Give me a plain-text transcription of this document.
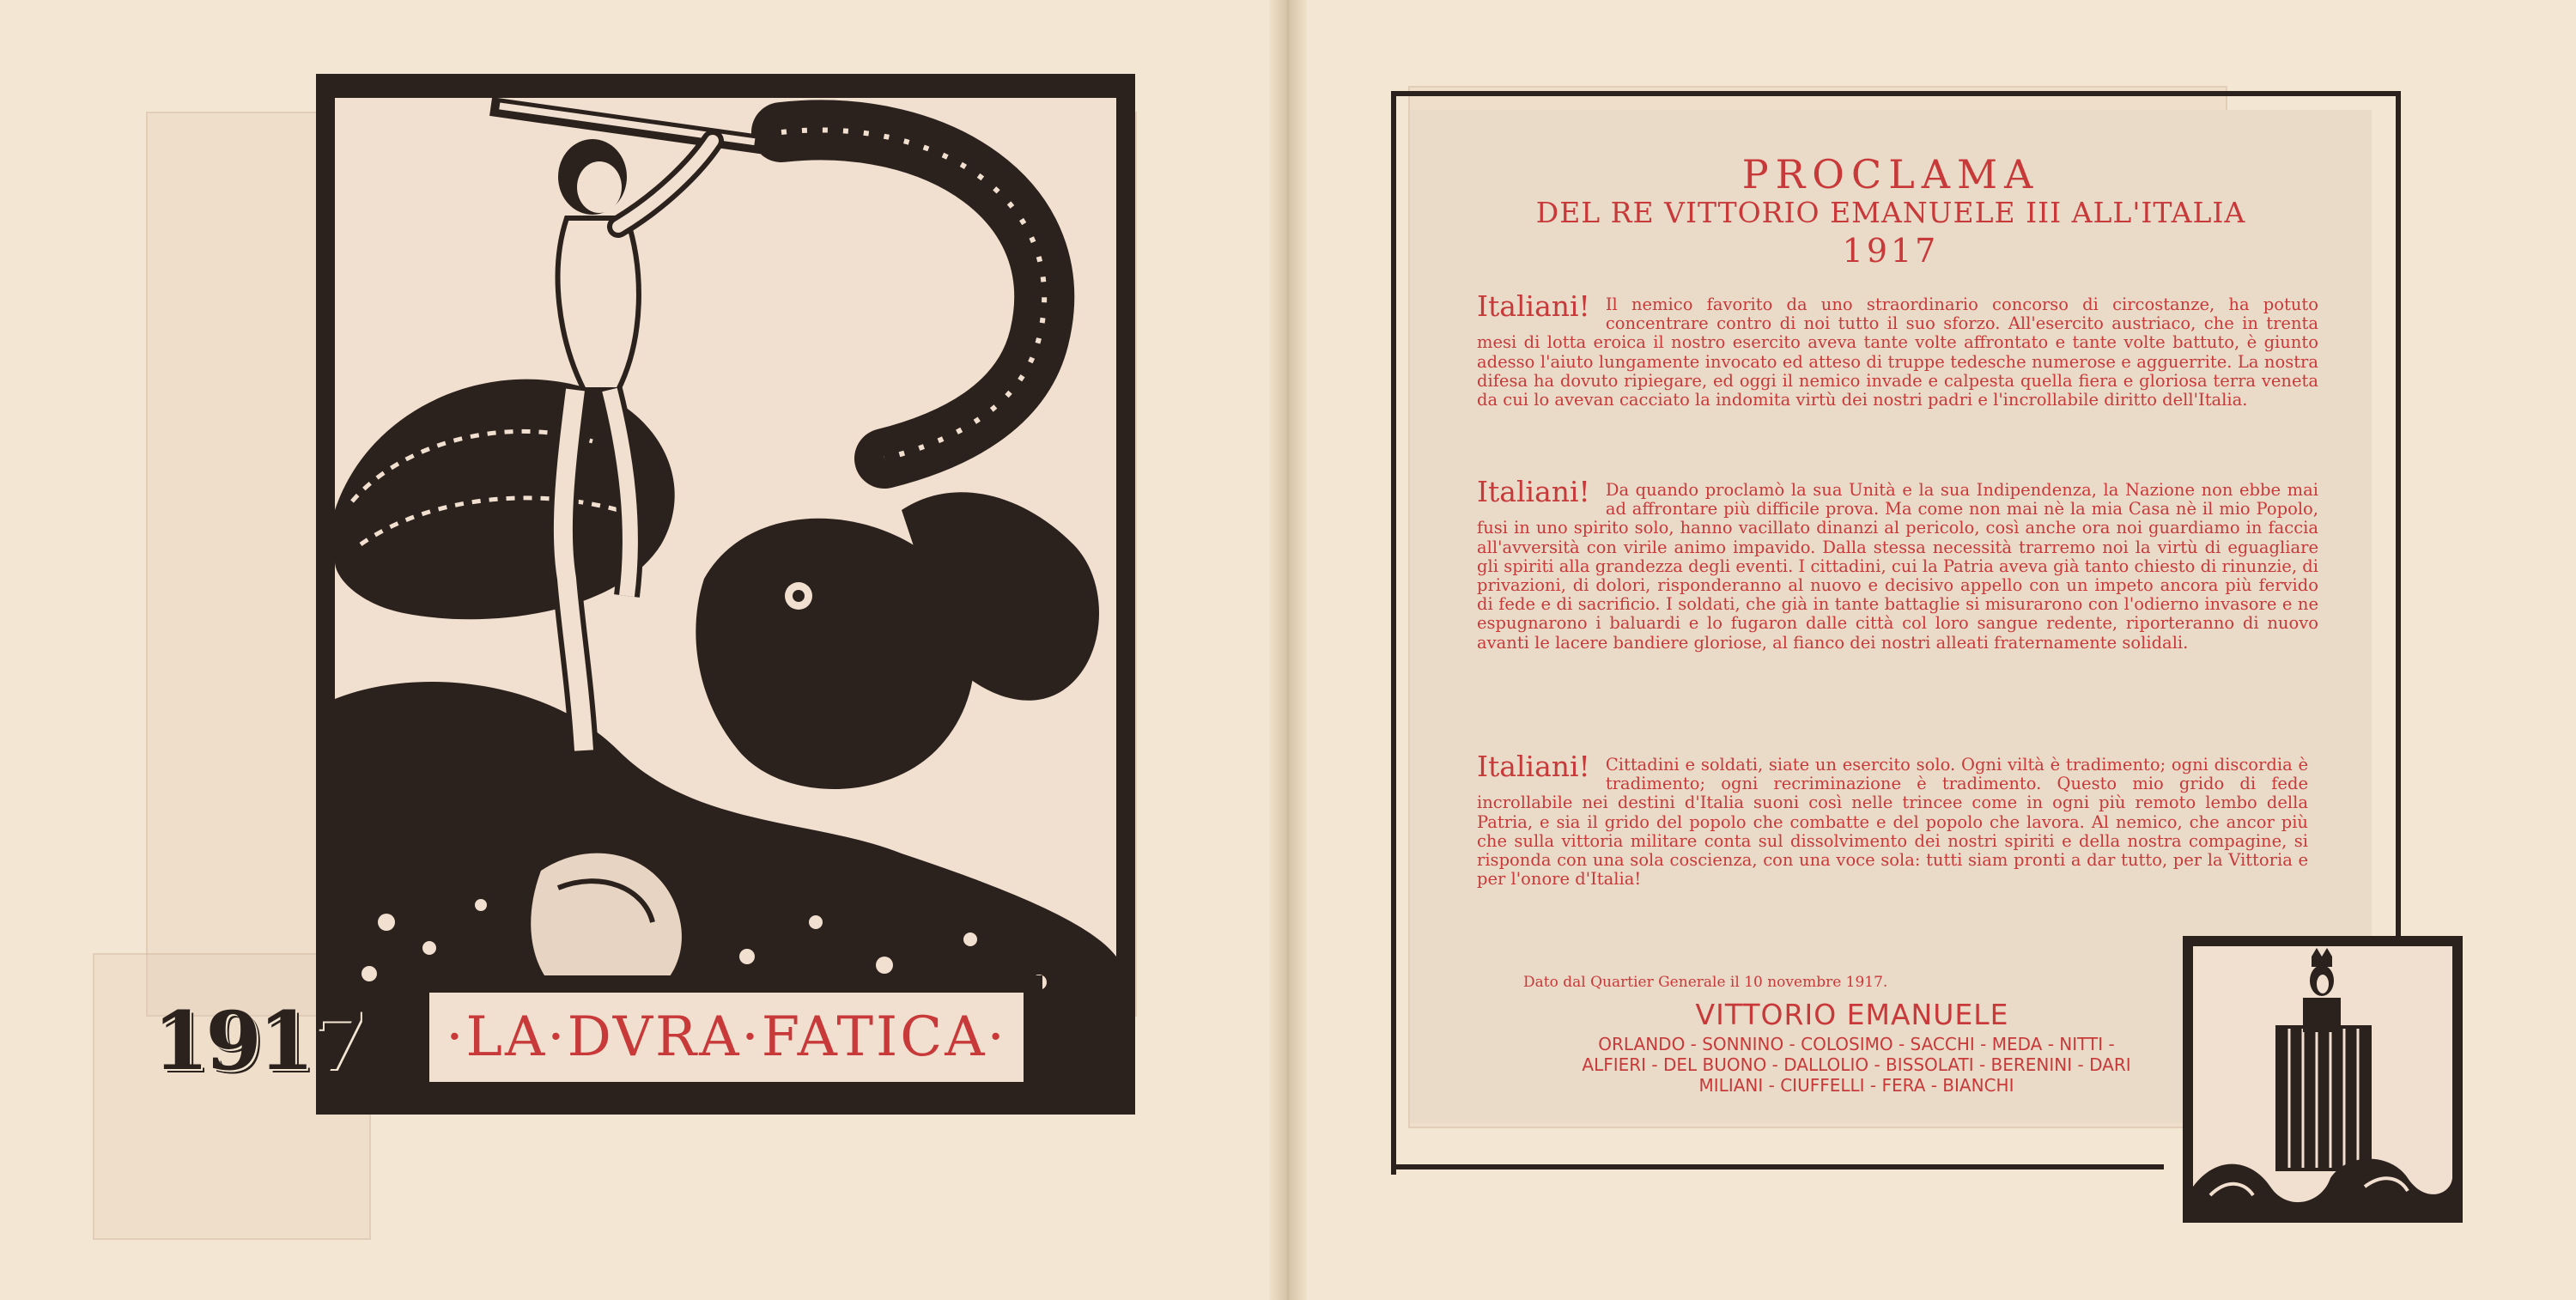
·LA·DVRA·FATICA·
1917
PROCLAMA
DEL RE VITTORIO EMANUELE III ALL'ITALIA
1917

Italiani! Il nemico favorito da uno straordinario concorso di circostanze, ha potuto concentrare contro di noi tutto il suo sforzo. All'esercito austriaco, che in trenta mesi di lotta eroica il nostro esercito aveva tante volte affrontato e tante volte battuto, è giunto adesso l'aiuto lungamente invocato ed atteso di truppe tedesche numerose e agguerrite. La nostra difesa ha dovuto ripiegare, ed oggi il nemico invade e calpesta quella fiera e gloriosa terra veneta da cui lo avevan cacciato la indomita virtù dei nostri padri e l'incrollabile diritto dell'Italia.

Italiani! Da quando proclamò la sua Unità e la sua Indipendenza, la Nazione non ebbe mai ad affrontare più difficile prova. Ma come non mai nè la mia Casa nè il mio Popolo, fusi in uno spirito solo, hanno vacillato dinanzi al pericolo, così anche ora noi guardiamo in faccia all'avversità con virile animo impavido. Dalla stessa necessità trarremo noi la virtù di eguagliare gli spiriti alla grandezza degli eventi. I cittadini, cui la Patria aveva già tanto chiesto di rinunzie, di privazioni, di dolori, risponderanno al nuovo e decisivo appello con un impeto ancora più fervido di fede e di sacrificio. I soldati, che già in tante battaglie si misurarono con l'odierno invasore e ne espugnarono i baluardi e lo fugaron dalle città col loro sangue redente, riporteranno di nuovo avanti le lacere bandiere gloriose, al fianco dei nostri alleati fraternamente solidali.

Italiani! Cittadini e soldati, siate un esercito solo. Ogni viltà è tradimento; ogni discordia è tradimento; ogni recriminazione è tradimento. Questo mio grido di fede incrollabile nei destini d'Italia suoni così nelle trincee come in ogni più remoto lembo della Patria, e sia il grido del popolo che combatte e del popolo che lavora. Al nemico, che ancor più che sulla vittoria militare conta sul dissolvimento dei nostri spiriti e della nostra compagine, si risponda con una sola coscienza, con una voce sola: tutti siam pronti a dar tutto, per la Vittoria e per l'onore d'Italia!

Dato dal Quartier Generale il 10 novembre 1917.
VITTORIO EMANUELE
ORLANDO - SONNINO - COLOSIMO - SACCHI - MEDA - NITTI -
ALFIERI - DEL BUONO - DALLOLIO - BISSOLATI - BERENINI - DARI
MILIANI - CIUFFELLI - FERA - BIANCHI
